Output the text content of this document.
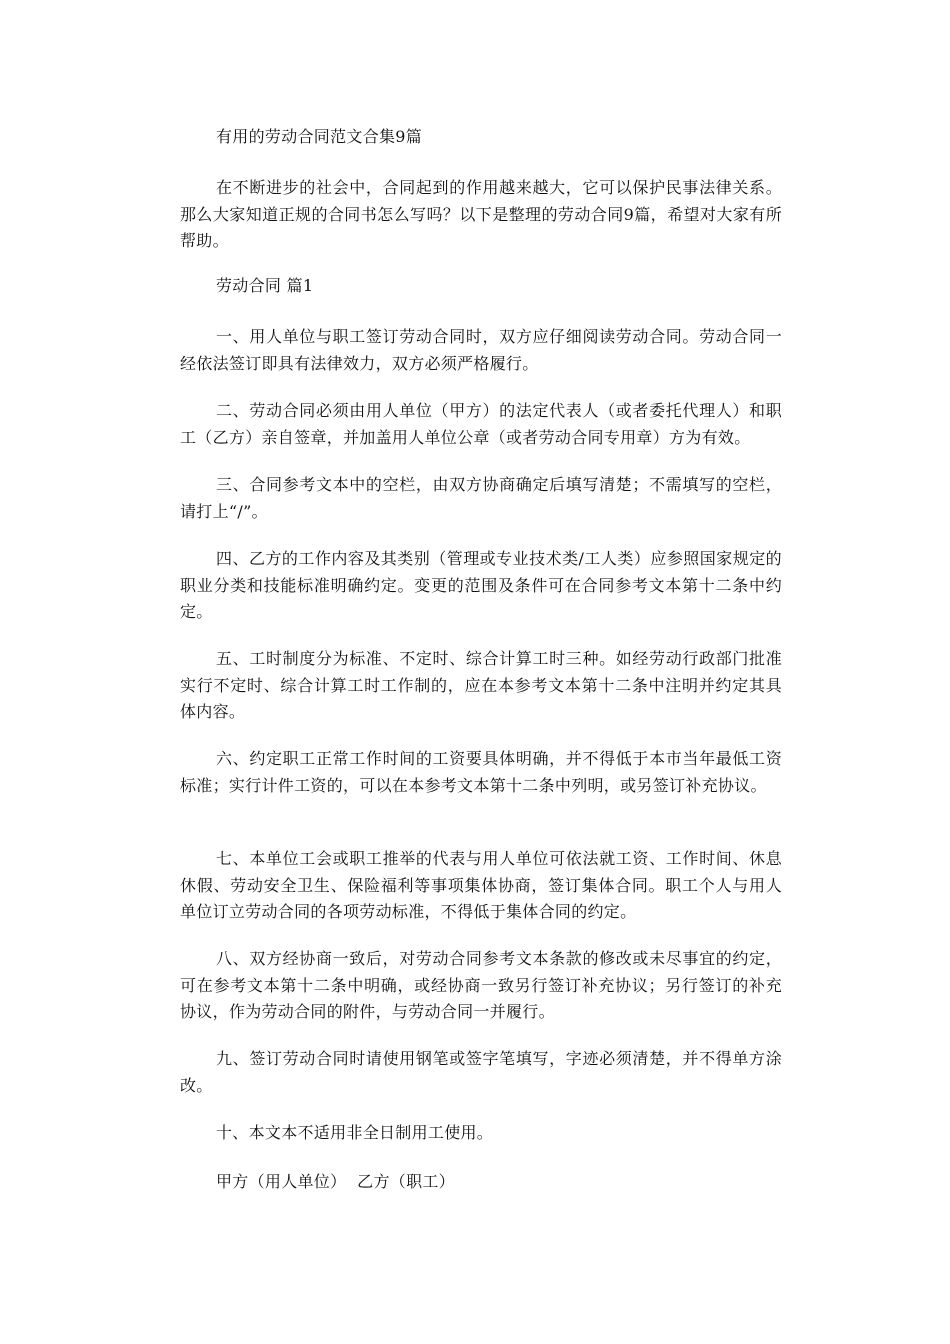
有用的劳动合同范文合集9篇

在不断进步的社会中，合同起到的作用越来越大，它可以保护民事法律关系。那么大家知道正规的合同书怎么写吗？以下是整理的劳动合同9篇，希望对大家有所帮助。

劳动合同 篇1

一、用人单位与职工签订劳动合同时，双方应仔细阅读劳动合同。劳动合同一经依法签订即具有法律效力，双方必须严格履行。

二、劳动合同必须由用人单位（甲方）的法定代表人（或者委托代理人）和职工（乙方）亲自签章，并加盖用人单位公章（或者劳动合同专用章）方为有效。

三、合同参考文本中的空栏，由双方协商确定后填写清楚；不需填写的空栏，请打上“/”。

四、乙方的工作内容及其类别（管理或专业技术类/工人类）应参照国家规定的职业分类和技能标准明确约定。变更的范围及条件可在合同参考文本第十二条中约定。

五、工时制度分为标准、不定时、综合计算工时三种。如经劳动行政部门批准实行不定时、综合计算工时工作制的，应在本参考文本第十二条中注明并约定其具体内容。

六、约定职工正常工作时间的工资要具体明确，并不得低于本市当年最低工资标准；实行计件工资的，可以在本参考文本第十二条中列明，或另签订补充协议。

七、本单位工会或职工推举的代表与用人单位可依法就工资、工作时间、休息休假、劳动安全卫生、保险福利等事项集体协商，签订集体合同。职工个人与用人单位订立劳动合同的各项劳动标准，不得低于集体合同的约定。

八、双方经协商一致后，对劳动合同参考文本条款的修改或未尽事宜的约定，可在参考文本第十二条中明确，或经协商一致另行签订补充协议；另行签订的补充协议，作为劳动合同的附件，与劳动合同一并履行。

九、签订劳动合同时请使用钢笔或签字笔填写，字迹必须清楚，并不得单方涂改。

十、本文本不适用非全日制用工使用。

甲方（用人单位）  乙方（职工）
